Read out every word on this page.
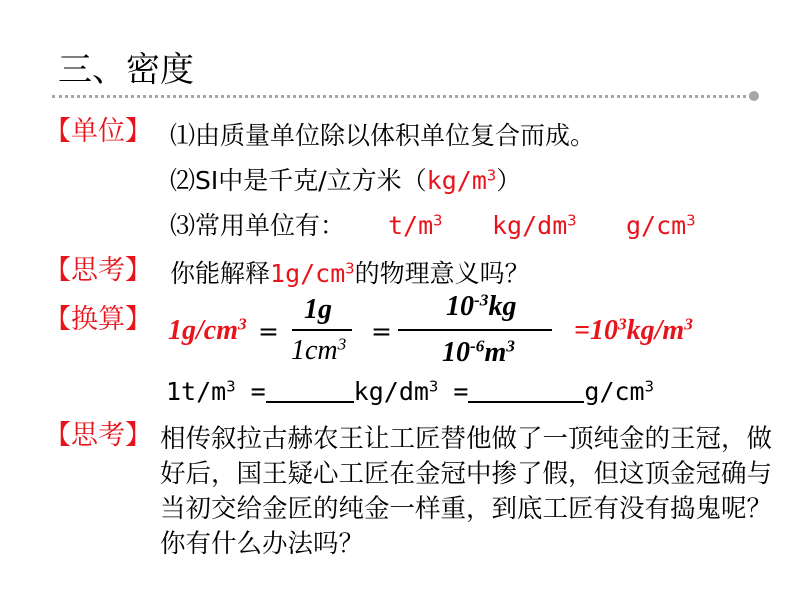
三、密度
【单位】 ⑴由质量单位除以体积单位复合而成。
⑵SI中是千克/立方米$(kg/m^3)$
⑶常用单位有： $t/m^3$ $kg/dm^3$ $g/cm^3$
【思考】 你能解释$1g/cm^3$的物理意义吗？
【换算】 $1g/cm^3$ =
1g
$1cm^3$ =
$10^{-3}kg$
$10^{-6}m^3 =10^3kg/m^3$
$1t/m^3$ =	$kg/dm^3$ =	$g/cm^3$
【思考】 相传叙拉古赫农王让工匠替他做了一顶纯金的王冠，做好后，国王疑心工匠在金冠中掺了假，但这顶金冠确与当初交给金匠的纯金一样重，到底工匠有没有捣鬼呢？你有什么办法吗？
